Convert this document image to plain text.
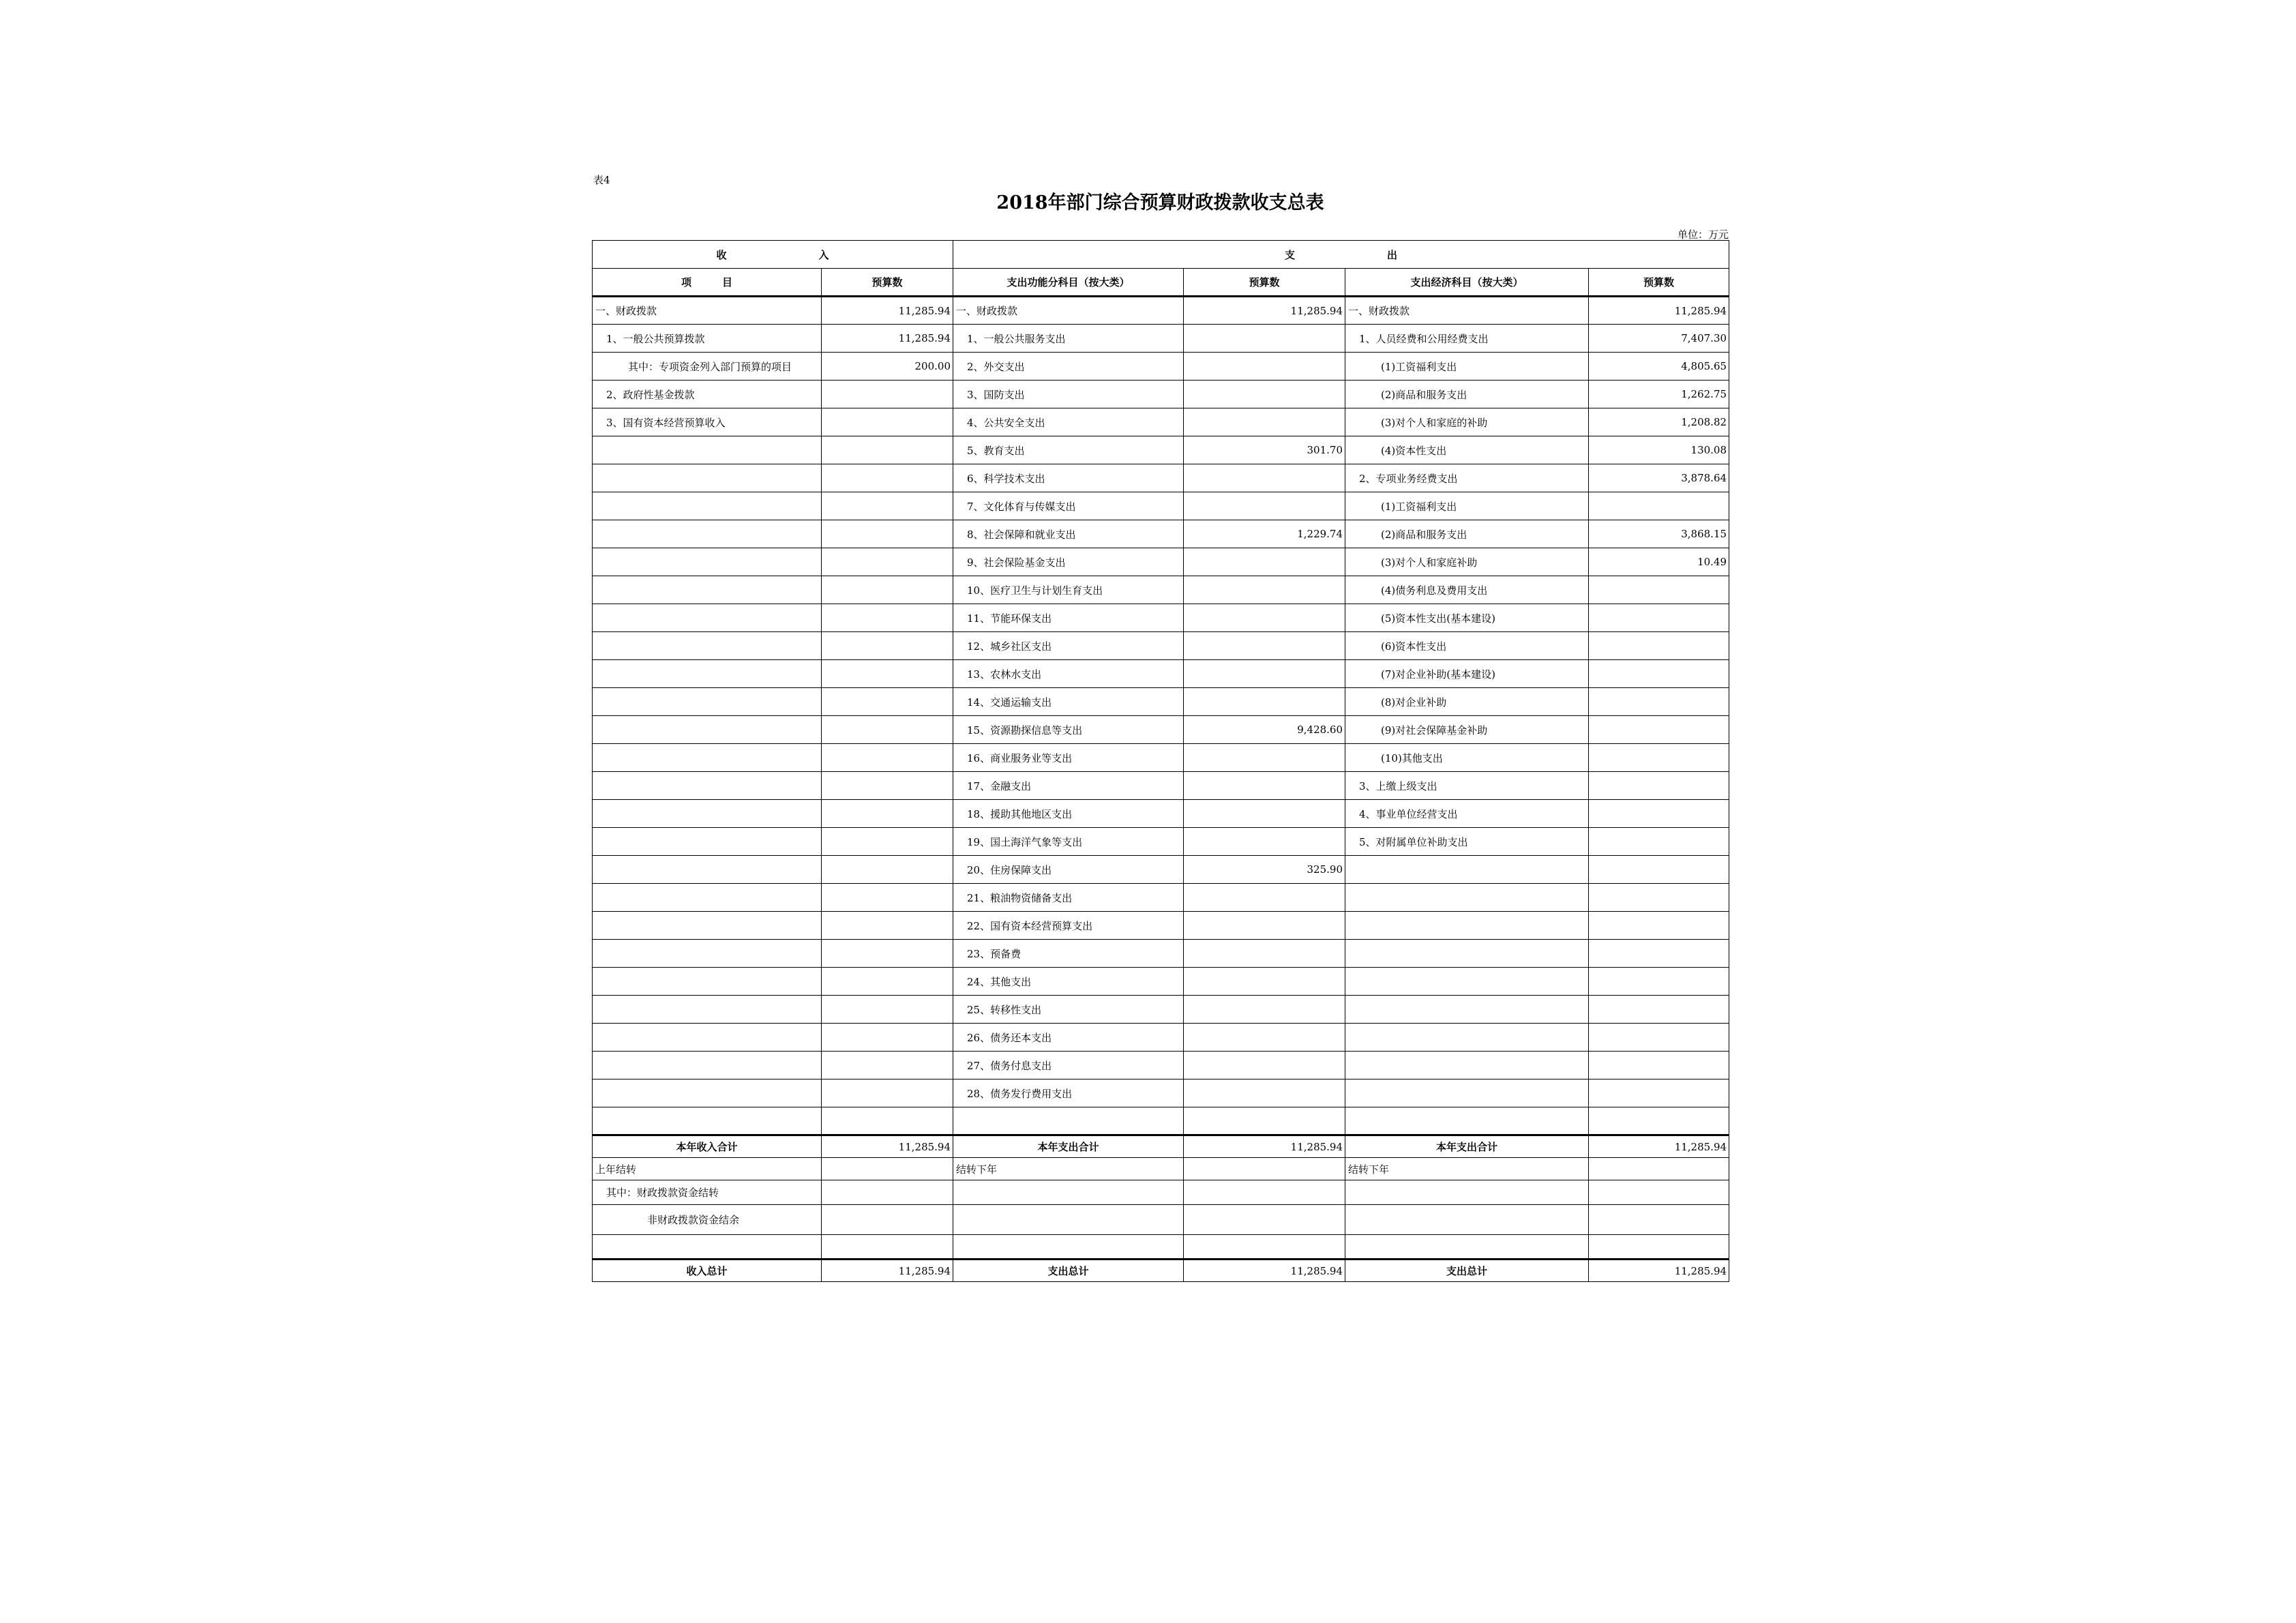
表4
2018年部门综合预算财政拨款收支总表
单位：万元
收　　　　　　　　　入		支　　　　　　　　　出			
项　　　目	预算数	支出功能分科目（按大类）	预算数	支出经济科目（按大类）	预算数
一、财政拨款	11,285.94	一、财政拨款	11,285.94	一、财政拨款	11,285.94
1、一般公共预算拨款	11,285.94	1、一般公共服务支出		1、人员经费和公用经费支出	7,407.30
其中：专项资金列入部门预算的项目	200.00	2、外交支出		(1)工资福利支出	4,805.65
2、政府性基金拨款		3、国防支出		(2)商品和服务支出	1,262.75
3、国有资本经营预算收入		4、公共安全支出		(3)对个人和家庭的补助	1,208.82
		5、教育支出	301.70	(4)资本性支出	130.08
		6、科学技术支出		2、专项业务经费支出	3,878.64
		7、文化体育与传媒支出		(1)工资福利支出	
		8、社会保障和就业支出	1,229.74	(2)商品和服务支出	3,868.15
		9、社会保险基金支出		(3)对个人和家庭补助	10.49
		10、医疗卫生与计划生育支出		(4)债务利息及费用支出	
		11、节能环保支出		(5)资本性支出(基本建设)	
		12、城乡社区支出		(6)资本性支出	
		13、农林水支出		(7)对企业补助(基本建设)	
		14、交通运输支出		(8)对企业补助	
		15、资源勘探信息等支出	9,428.60	(9)对社会保障基金补助	
		16、商业服务业等支出		(10)其他支出	
		17、金融支出		3、上缴上级支出	
		18、援助其他地区支出		4、事业单位经营支出	
		19、国土海洋气象等支出		5、对附属单位补助支出	
		20、住房保障支出	325.90		
		21、粮油物资储备支出			
		22、国有资本经营预算支出			
		23、预备费			
		24、其他支出			
		25、转移性支出			
		26、债务还本支出			
		27、债务付息支出			
		28、债务发行费用支出			

本年收入合计	11,285.94	本年支出合计	11,285.94	本年支出合计	11,285.94
上年结转		结转下年		结转下年	
其中：财政拨款资金结转					
非财政拨款资金结余					

收入总计	11,285.94	支出总计	11,285.94	支出总计	11,285.94
